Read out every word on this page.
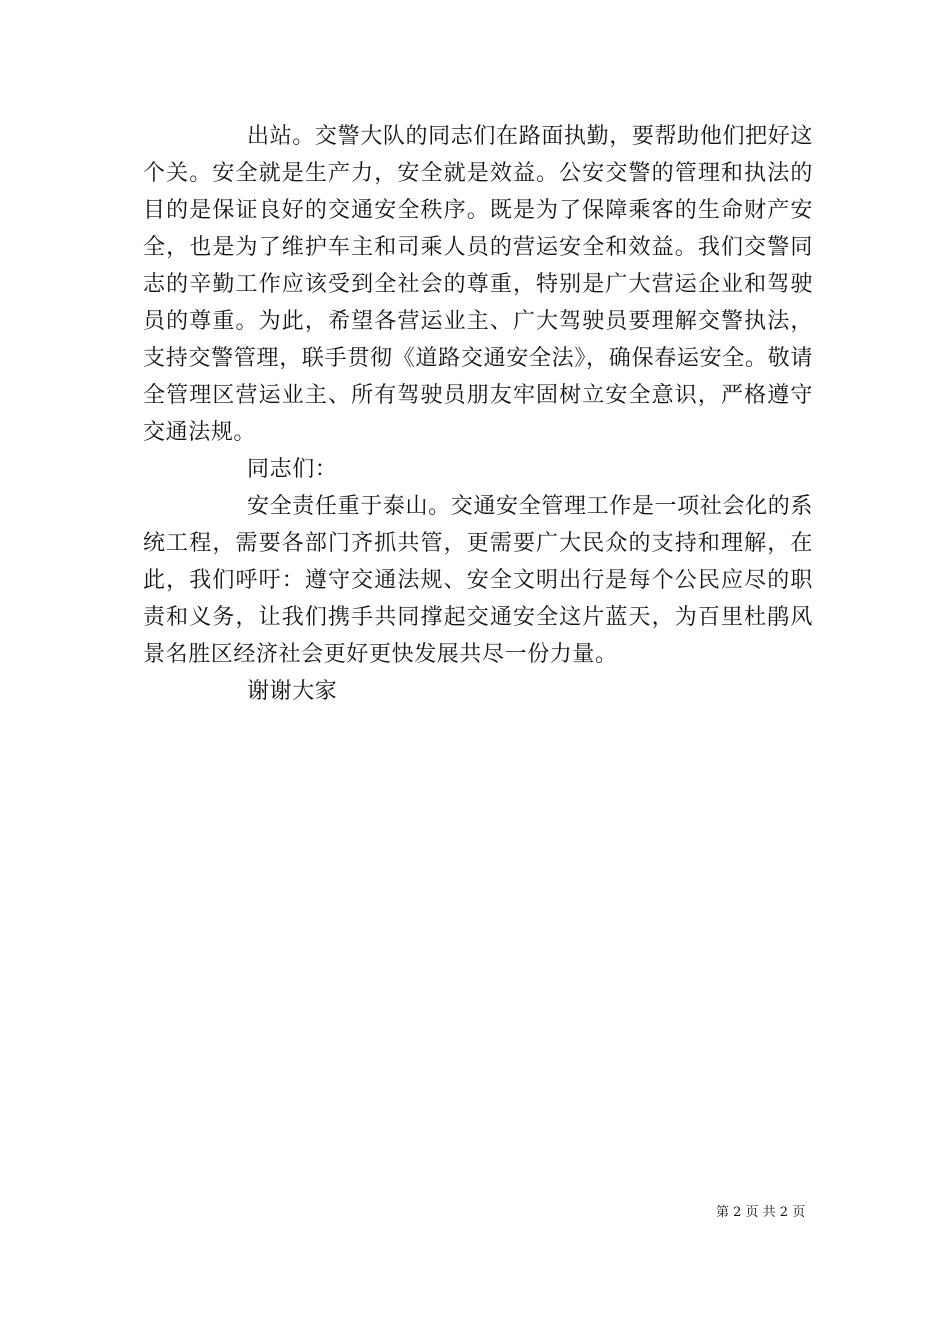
出站。交警大队的同志们在路面执勤，要帮助他们把好这个关。安全就是生产力，安全就是效益。公安交警的管理和执法的目的是保证良好的交通安全秩序。既是为了保障乘客的生命财产安全，也是为了维护车主和司乘人员的营运安全和效益。我们交警同志的辛勤工作应该受到全社会的尊重，特别是广大营运企业和驾驶员的尊重。为此，希望各营运业主、广大驾驶员要理解交警执法，支持交警管理，联手贯彻《道路交通安全法》，确保春运安全。敬请全管理区营运业主、所有驾驶员朋友牢固树立安全意识，严格遵守交通法规。

同志们：

安全责任重于泰山。交通安全管理工作是一项社会化的系统工程，需要各部门齐抓共管，更需要广大民众的支持和理解，在此，我们呼吁：遵守交通法规、安全文明出行是每个公民应尽的职责和义务，让我们携手共同撑起交通安全这片蓝天，为百里杜鹃风景名胜区经济社会更好更快发展共尽一份力量。

谢谢大家

第 2 页 共 2 页
